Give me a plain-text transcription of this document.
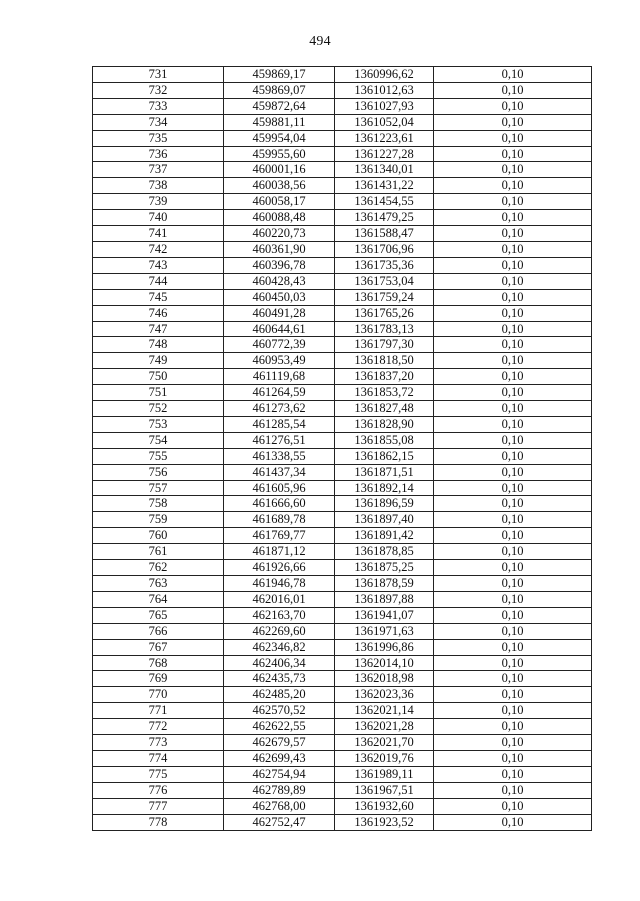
494
731	459869,17	1360996,62	0,10
732	459869,07	1361012,63	0,10
733	459872,64	1361027,93	0,10
734	459881,11	1361052,04	0,10
735	459954,04	1361223,61	0,10
736	459955,60	1361227,28	0,10
737	460001,16	1361340,01	0,10
738	460038,56	1361431,22	0,10
739	460058,17	1361454,55	0,10
740	460088,48	1361479,25	0,10
741	460220,73	1361588,47	0,10
742	460361,90	1361706,96	0,10
743	460396,78	1361735,36	0,10
744	460428,43	1361753,04	0,10
745	460450,03	1361759,24	0,10
746	460491,28	1361765,26	0,10
747	460644,61	1361783,13	0,10
748	460772,39	1361797,30	0,10
749	460953,49	1361818,50	0,10
750	461119,68	1361837,20	0,10
751	461264,59	1361853,72	0,10
752	461273,62	1361827,48	0,10
753	461285,54	1361828,90	0,10
754	461276,51	1361855,08	0,10
755	461338,55	1361862,15	0,10
756	461437,34	1361871,51	0,10
757	461605,96	1361892,14	0,10
758	461666,60	1361896,59	0,10
759	461689,78	1361897,40	0,10
760	461769,77	1361891,42	0,10
761	461871,12	1361878,85	0,10
762	461926,66	1361875,25	0,10
763	461946,78	1361878,59	0,10
764	462016,01	1361897,88	0,10
765	462163,70	1361941,07	0,10
766	462269,60	1361971,63	0,10
767	462346,82	1361996,86	0,10
768	462406,34	1362014,10	0,10
769	462435,73	1362018,98	0,10
770	462485,20	1362023,36	0,10
771	462570,52	1362021,14	0,10
772	462622,55	1362021,28	0,10
773	462679,57	1362021,70	0,10
774	462699,43	1362019,76	0,10
775	462754,94	1361989,11	0,10
776	462789,89	1361967,51	0,10
777	462768,00	1361932,60	0,10
778	462752,47	1361923,52	0,10
